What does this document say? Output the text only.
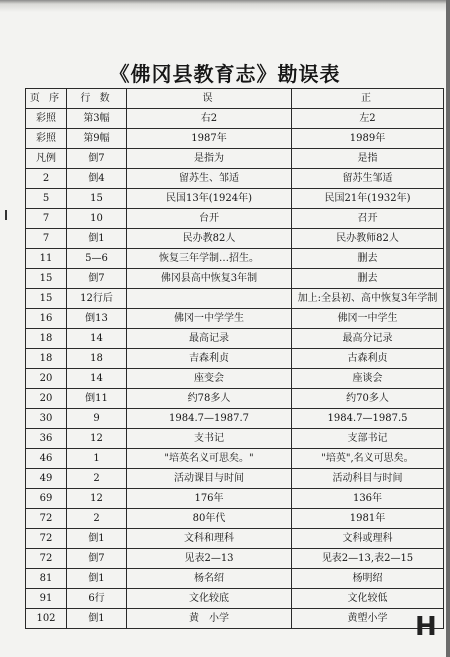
《佛冈县教育志》勘误表
页 序	行 数	误	正
彩照	第3幅	右2	左2
彩照	第9幅	1987年	1989年
凡例	倒7	是指为	是指
2	倒4	留苏生、邹适	留苏生邹适
5	15	民国13年(1924年)	民国21年(1932年)
7	10	台开	召开
7	倒1	民办教82人	民办教师82人
11	5—6	恢复三年学制…招生。	删去
15	倒7	佛冈县高中恢复3年制	删去
15	12行后		加上:全县初、高中恢复3年学制
16	倒13	佛冈一中学学生	佛冈一中学生
18	14	最高记录	最高分记录
18	18	吉森利贞	古森利贞
20	14	座变会	座谈会
20	倒11	约78多人	约70多人
30	9	1984.7—1987.7	1984.7—1987.5
36	12	支书记	支部书记
46	1	"培英名义可思矣。"	"培英",名义可思矣。
49	2	活动课目与时间	活动科目与时间
69	12	176年	136年
72	2	80年代	1981年
72	倒1	文科和理科	文科或理科
72	倒7	见表2—13	见表2—13,表2—15
81	倒1	杨名绍	杨明绍
91	6行	文化较底	文化较低
102	倒1	黄　小学	黄塱小学 H
